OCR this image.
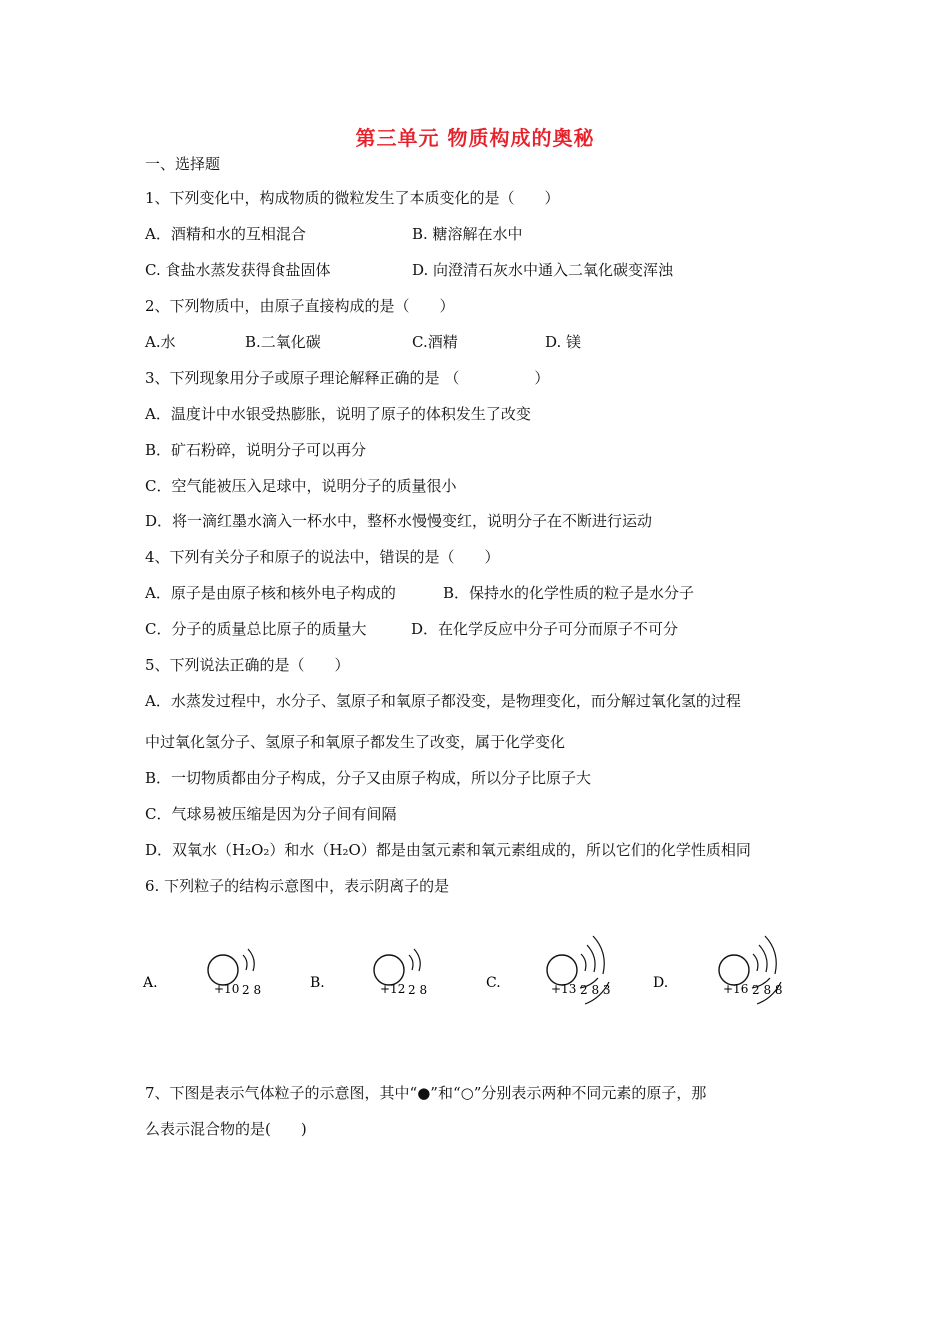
第三单元 物质构成的奥秘
一、选择题
1、下列变化中，构成物质的微粒发生了本质变化的是（　　）
A．酒精和水的互相混合	B. 糖溶解在水中
C. 食盐水蒸发获得食盐固体	D. 向澄清石灰水中通入二氧化碳变浑浊
2、下列物质中，由原子直接构成的是（　　）
A.水	B.二氧化碳	C.酒精	D. 镁
3、下列现象用分子或原子理论解释正确的是 （　　　　　）
A．温度计中水银受热膨胀，说明了原子的体积发生了改变
B．矿石粉碎，说明分子可以再分
C．空气能被压入足球中，说明分子的质量很小
D．将一滴红墨水滴入一杯水中，整杯水慢慢变红，说明分子在不断进行运动
4、下列有关分子和原子的说法中，错误的是（　　）
A．原子是由原子核和核外电子构成的	B．保持水的化学性质的粒子是水分子
C．分子的质量总比原子的质量大	D．在化学反应中分子可分而原子不可分
5、下列说法正确的是（　　）
A．水蒸发过程中，水分子、氢原子和氧原子都没变，是物理变化，而分解过氧化氢的过程
中过氧化氢分子、氢原子和氧原子都发生了改变，属于化学变化
B．一切物质都由分子构成，分子又由原子构成，所以分子比原子大
C．气球易被压缩是因为分子间有间隔
D．双氧水（H₂O₂）和水（H₂O）都是由氢元素和氧元素组成的，所以它们的化学性质相同
6. 下列粒子的结构示意图中，表示阴离子的是
A.	+10 2 8	B.	+12 2 8	C.	+13 2 8 3	D.	+16 2 8 8
7、下图是表示气体粒子的示意图，其中“●”和“○”分别表示两种不同元素的原子，那
么表示混合物的是(　　)
